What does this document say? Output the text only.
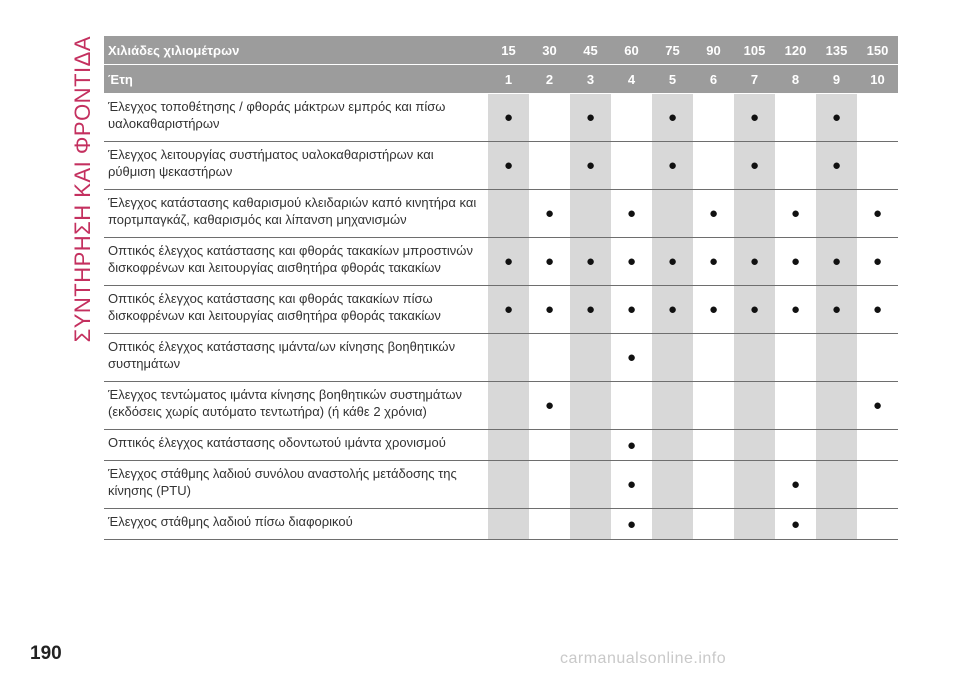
ΣΥΝΤΗΡΗΣΗ ΚΑΙ ΦΡΟΝΤΙΔΑ Χιλιάδες χιλιομέτρων	15	30	45	60	75	90	105	120	135	150
Έτη	1	2	3	4	5	6	7	8	9	10
Έλεγχος τοποθέτησης / φθοράς μάκτρων εμπρός και πίσω υαλοκαθαριστήρων	●		●		●		●		●	
Έλεγχος λειτουργίας συστήματος υαλοκαθαριστήρων και ρύθμιση ψεκαστήρων	●		●		●		●		●	
Έλεγχος κατάστασης καθαρισμού κλειδαριών καπό κινητήρα και πορτμπαγκάζ, καθαρισμός και λίπανση μηχανισμών		●		●		●		●		●
Οπτικός έλεγχος κατάστασης και φθοράς τακακίων μπροστινών δισκοφρένων και λειτουργίας αισθητήρα φθοράς τακακίων	●	●	●	●	●	●	●	●	●	●
Οπτικός έλεγχος κατάστασης και φθοράς τακακίων πίσω δισκοφρένων και λειτουργίας αισθητήρα φθοράς τακακίων	●	●	●	●	●	●	●	●	●	●
Οπτικός έλεγχος κατάστασης ιμάντα/ων κίνησης βοηθητικών συστημάτων				●						
Έλεγχος τεντώματος ιμάντα κίνησης βοηθητικών συστημάτων (εκδόσεις χωρίς αυτόματο τεντωτήρα) (ή κάθε 2 χρόνια)		●								●
Οπτικός έλεγχος κατάστασης οδοντωτού ιμάντα χρονισμού				●						
Έλεγχος στάθμης λαδιού συνόλου αναστολής μετάδοσης της κίνησης (PTU)				●				●		
Έλεγχος στάθμης λαδιού πίσω διαφορικού				●				●		
190	carmanualsonline.info
